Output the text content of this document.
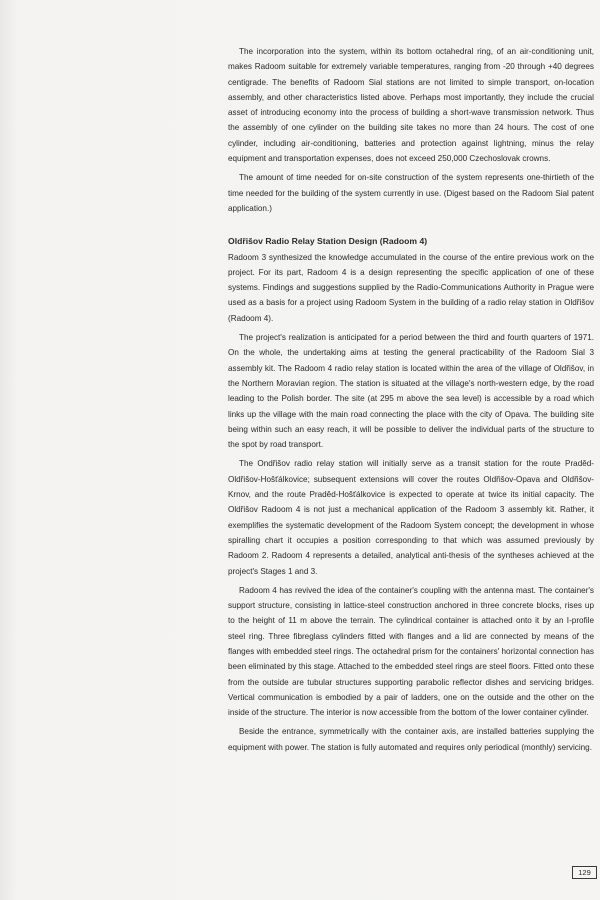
The incorporation into the system, within its bottom octahedral ring, of an air-conditioning unit, makes Radoom suitable for extremely variable temperatures, ranging from -20 through +40 degrees centigrade. The benefits of Radoom Sial stations are not limited to simple transport, on-location assembly, and other characteristics listed above. Perhaps most importantly, they include the crucial asset of introducing economy into the process of building a short-wave transmission network. Thus the assembly of one cylinder on the building site takes no more than 24 hours. The cost of one cylinder, including air-conditioning, batteries and protection against lightning, minus the relay equipment and transportation expenses, does not exceed 250,000 Czechoslovak crowns.

The amount of time needed for on-site construction of the system represents one-thirtieth of the time needed for the building of the system currently in use. (Digest based on the Radoom Sial patent application.)

Oldřišov Radio Relay Station Design (Radoom 4)

Radoom 3 synthesized the knowledge accumulated in the course of the entire previous work on the project. For its part, Radoom 4 is a design representing the specific application of one of these systems. Findings and suggestions supplied by the Radio-Communications Authority in Prague were used as a basis for a project using Radoom System in the building of a radio relay station in Oldřišov (Radoom 4).

The project's realization is anticipated for a period between the third and fourth quarters of 1971. On the whole, the undertaking aims at testing the general practicability of the Radoom Sial 3 assembly kit. The Radoom 4 radio relay station is located within the area of the village of Oldřišov, in the Northern Moravian region. The station is situated at the village's north-western edge, by the road leading to the Polish border. The site (at 295 m above the sea level) is accessible by a road which links up the village with the main road connecting the place with the city of Opava. The building site being within such an easy reach, it will be possible to deliver the individual parts of the structure to the spot by road transport.

The Ondřišov radio relay station will initially serve as a transit station for the route Praděd-Oldřišov-Hošťálkovice; subsequent extensions will cover the routes Oldřišov-Opava and Oldřišov-Krnov, and the route Praděd-Hošťálkovice is expected to operate at twice its initial capacity. The Oldřišov Radoom 4 is not just a mechanical application of the Radoom 3 assembly kit. Rather, it exemplifies the systematic development of the Radoom System concept; the development in whose spiralling chart it occupies a position corresponding to that which was assumed previously by Radoom 2. Radoom 4 represents a detailed, analytical anti-thesis of the syntheses achieved at the project's Stages 1 and 3.

Radoom 4 has revived the idea of the container's coupling with the antenna mast. The container's support structure, consisting in lattice-steel construction anchored in three concrete blocks, rises up to the height of 11 m above the terrain. The cylindrical container is attached onto it by an I-profile steel ring. Three fibreglass cylinders fitted with flanges and a lid are connected by means of the flanges with embedded steel rings. The octahedral prism for the containers' horizontal connection has been eliminated by this stage. Attached to the embedded steel rings are steel floors. Fitted onto these from the outside are tubular structures supporting parabolic reflector dishes and servicing bridges. Vertical communication is embodied by a pair of ladders, one on the outside and the other on the inside of the structure. The interior is now accessible from the bottom of the lower container cylinder.

Beside the entrance, symmetrically with the container axis, are installed batteries supplying the equipment with power. The station is fully automated and requires only periodical (monthly) servicing.

129
